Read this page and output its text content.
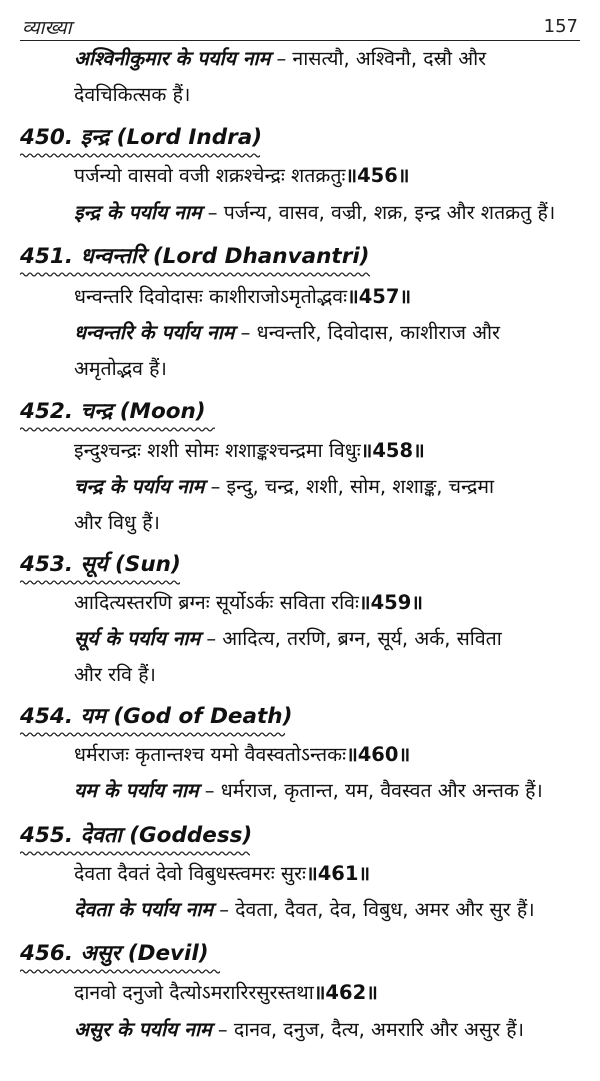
व्याख्या	157
अश्विनीकुमार के पर्याय नाम – नासत्यौ, अश्विनौ, दस्रौ और
देवचिकित्सक हैं।
450. इन्द्र (Lord Indra)
पर्जन्यो वासवो वजी शक्रश्चेन्द्रः शतक्रतुः॥456॥
इन्द्र के पर्याय नाम – पर्जन्य, वासव, वज्री, शक्र, इन्द्र और शतक्रतु हैं।
451. धन्वन्तरि (Lord Dhanvantri)
धन्वन्तरि दिवोदासः काशीराजोऽमृतोद्भवः॥457॥
धन्वन्तरि के पर्याय नाम – धन्वन्तरि, दिवोदास, काशीराज और
अमृतोद्भव हैं।
452. चन्द्र (Moon)
इन्दुश्चन्द्रः शशी सोमः शशाङ्कश्चन्द्रमा विधुः॥458॥
चन्द्र के पर्याय नाम – इन्दु, चन्द्र, शशी, सोम, शशाङ्क, चन्द्रमा
और विधु हैं।
453. सूर्य (Sun)
आदित्यस्तरणि ब्रग्नः सूर्योऽर्कः सविता रविः॥459॥
सूर्य के पर्याय नाम – आदित्य, तरणि, ब्रग्न, सूर्य, अर्क, सविता
और रवि हैं।
454. यम (God of Death)
धर्मराजः कृतान्तश्च यमो वैवस्वतोऽन्तकः॥460॥
यम के पर्याय नाम – धर्मराज, कृतान्त, यम, वैवस्वत और अन्तक हैं।
455. देवता (Goddess)
देवता दैवतं देवो विबुधस्त्वमरः सुरः॥461॥
देवता के पर्याय नाम – देवता, दैवत, देव, विबुध, अमर और सुर हैं।
456. असुर (Devil)
दानवो दनुजो दैत्योऽमरारिरसुरस्तथा॥462॥
असुर के पर्याय नाम – दानव, दनुज, दैत्य, अमरारि और असुर हैं।
